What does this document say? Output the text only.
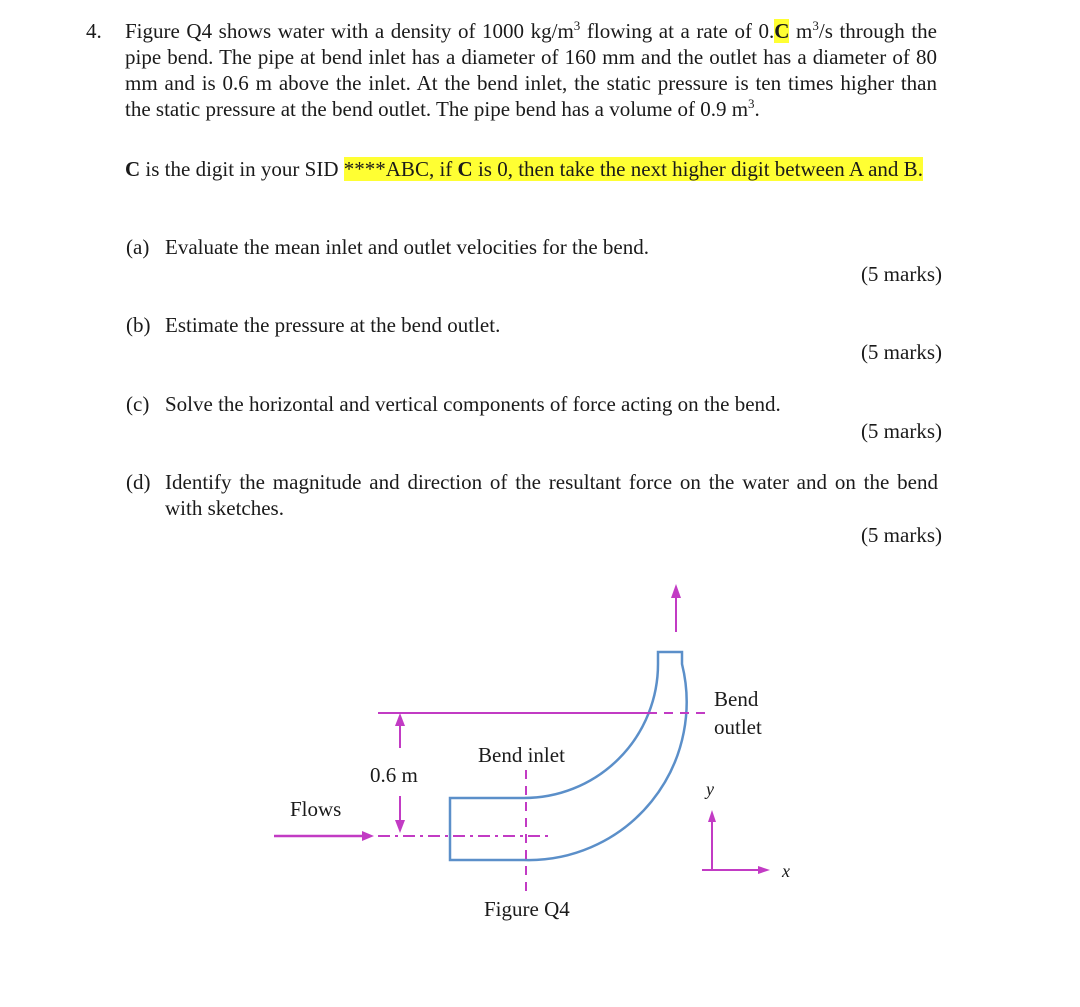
4. Figure Q4 shows water with a density of 1000 $kg/m^3$ flowing at a rate of 0.C $m^3/s$ through the pipe bend. The pipe at bend inlet has a diameter of 160 mm and the outlet has a diameter of 80 mm and is 0.6 m above the inlet. At the bend inlet, the static pressure is ten times higher than the static pressure at the bend outlet. The pipe bend has a volume of 0.9 $m^3$.
C is the digit in your SID ****ABC, if C is 0, then take the next higher digit between A and B.
(a) Evaluate the mean inlet and outlet velocities for the bend.
(5 marks)
(b) Estimate the pressure at the bend outlet.
(5 marks)
(c) Solve the horizontal and vertical components of force acting on the bend.
(5 marks)
(d) Identify the magnitude and direction of the resultant force on the water and on the bend with sketches.
(5 marks)
Bend
outlet
Bend inlet
0.6 m
Flows
y
x
Figure Q4
